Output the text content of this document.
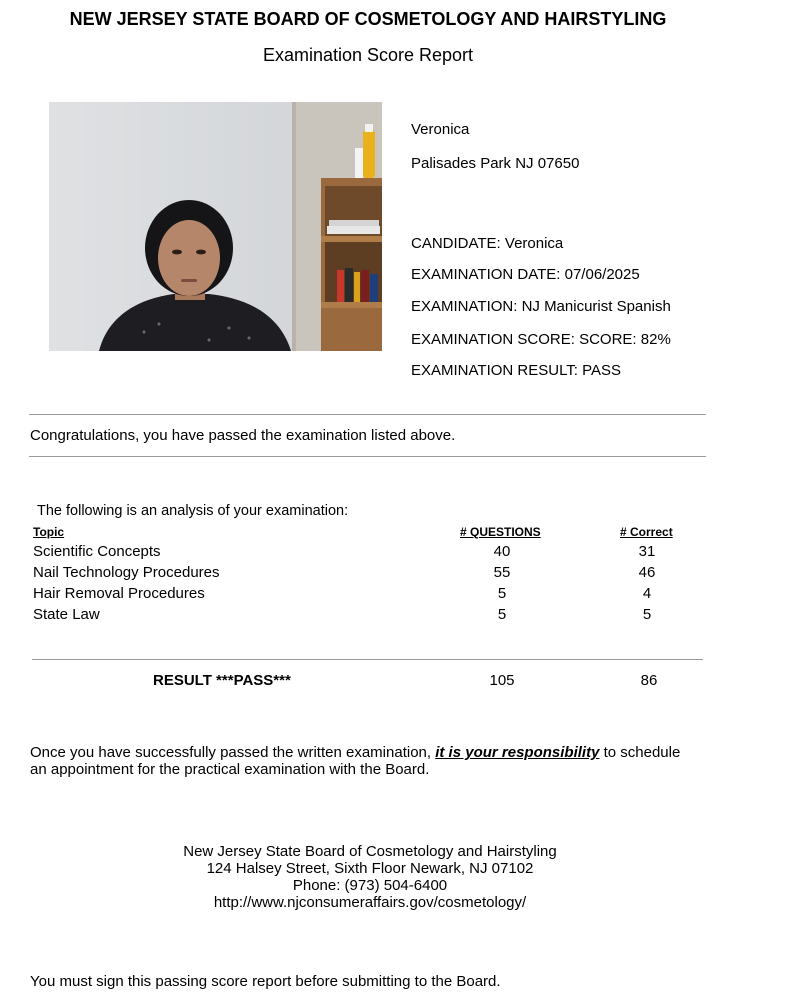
NEW JERSEY STATE BOARD OF COSMETOLOGY AND HAIRSTYLING
Examination Score Report
Veronica
Palisades Park NJ 07650
CANDIDATE: Veronica
EXAMINATION DATE: 07/06/2025
EXAMINATION: NJ Manicurist Spanish
EXAMINATION SCORE: SCORE: 82%
EXAMINATION RESULT: PASS
Congratulations, you have passed the examination listed above.
The following is an analysis of your examination:
Topic	# QUESTIONS	# Correct
Scientific Concepts	40	31
Nail Technology Procedures	55	46
Hair Removal Procedures	5	4
State Law	5	5
RESULT ***PASS***	105	86
Once you have successfully passed the written examination, it is your responsibility to schedule
an appointment for the practical examination with the Board.
New Jersey State Board of Cosmetology and Hairstyling
124 Halsey Street, Sixth Floor Newark, NJ 07102
Phone: (973) 504-6400
http://www.njconsumeraffairs.gov/cosmetology/
You must sign this passing score report before submitting to the Board.
